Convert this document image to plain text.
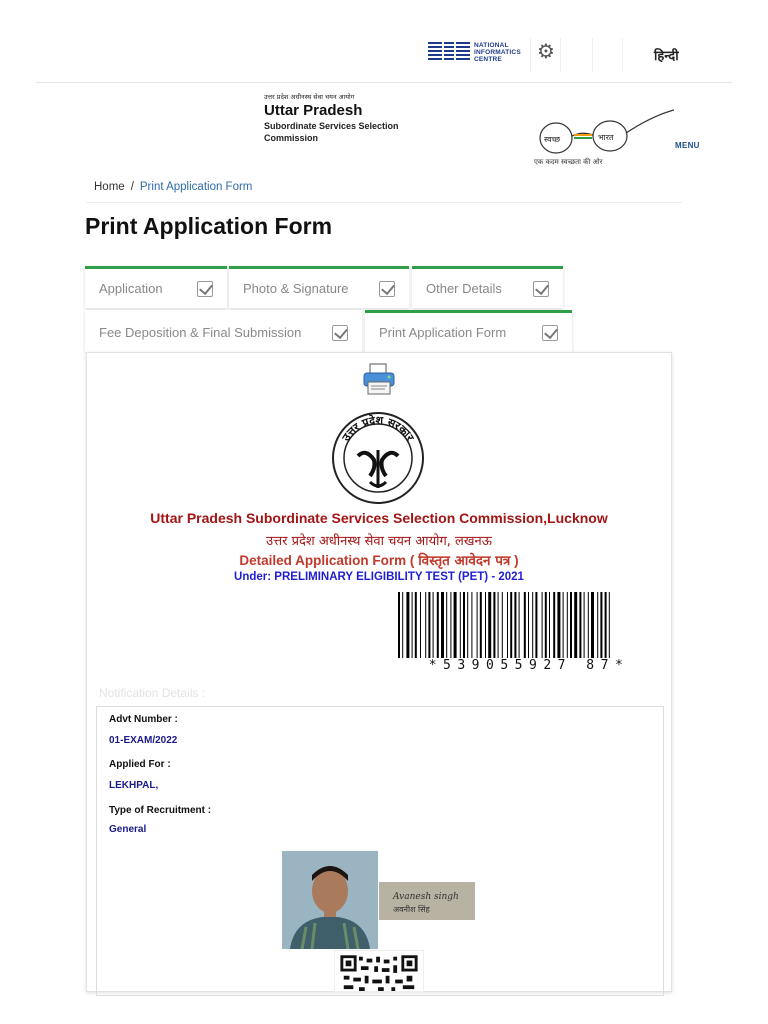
NATIONAL
INFORMATICS
CENTRE	⚙	हिन्दी
उत्तर प्रदेश अधीनस्थ सेवा चयन आयोग
Uttar Pradesh
Subordinate Services Selection Commission	स्वच्छ	भारत
एक कदम स्वच्छता की ओर
MENU
Home / Print Application Form
Print Application Form
Application	Photo & Signature	Other Details
Fee Deposition & Final Submission	Print Application Form
उत्तर प्रदेश सरकार
Uttar Pradesh Subordinate Services Selection Commission,Lucknow
उत्तर प्रदेश अधीनस्थ सेवा चयन आयोग, लखनऊ
Detailed Application Form ( विस्तृत आवेदन पत्र )
Under: PRELIMINARY ELIGIBILITY TEST (PET) - 2021
*539055927 87*
Notification Details :
Advt Number :
01-EXAM/2022
Applied For :
LEKHPAL,
Type of Recruitment :
General
Avanesh singh
अवनीश सिंह
